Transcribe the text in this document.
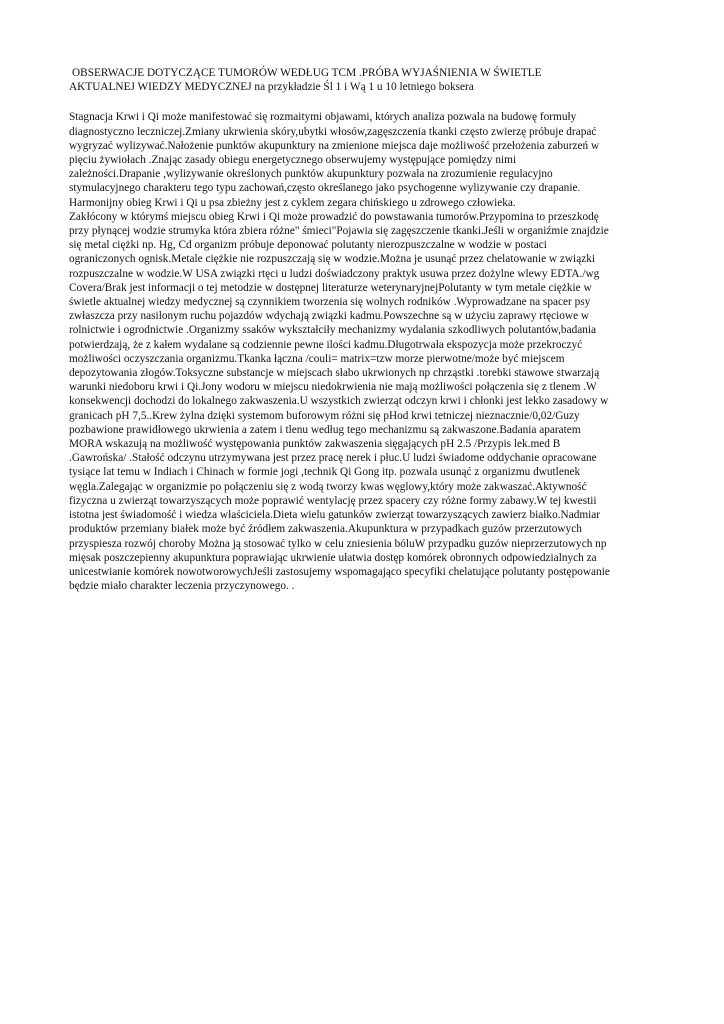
OBSERWACJE DOTYCZĄCE TUMORÓW WEDŁUG TCM .PRÓBA WYJAŚNIENIA W ŚWIETLE
AKTUALNEJ WIEDZY MEDYCZNEJ na przykładzie Śl 1 i Wą 1 u 10 letniego boksera
Stagnacja Krwi i Qi może manifestować się rozmaitymi objawami, których analiza pozwala na budowę formuły
diagnostyczno leczniczej.Zmiany ukrwienia skóry,ubytki włosów,zagęszczenia tkanki często zwierzę próbuje drapać
wygryzać wylizywać.Nałożenie punktów akupunktury na zmienione miejsca daje możliwość przełożenia zaburzeń w
pięciu żywiołach .Znając zasady obiegu energetycznego obserwujemy występujące pomiędzy nimi
zależności.Drapanie ,wylizywanie określonych punktów akupunktury pozwala na zrozumienie regulacyjno
stymulacyjnego charakteru tego typu zachowań,często określanego jako psychogenne wylizywanie czy drapanie.
Harmonijny obieg Krwi i Qi u psa zbieżny jest z cyklem zegara chińskiego u zdrowego człowieka.
Zakłócony w którymś miejscu obieg Krwi i Qi może prowadzić do powstawania tumorów.Przypomina to przeszkodę
przy płynącej wodzie strumyka która zbiera różne" śmieci"Pojawia się zagęszczenie tkanki.Jeśli w organiźmie znajdzie
się metal ciężki np. Hg, Cd organizm próbuje deponować polutanty nierozpuszczalne w wodzie w postaci
ograniczonych ognisk.Metale ciężkie nie rozpuszczają się w wodzie.Można je usunąć przez chelatowanie w związki
rozpuszczalne w wodzie.W USA związki rtęci u ludzi doświadczony praktyk usuwa przez dożylne wlewy EDTA./wg
Covera/Brak jest informacji o tej metodzie w dostępnej literaturze weterynaryjnejPolutanty w tym metale ciężkie w
świetle aktualnej wiedzy medycznej są czynnikiem tworzenia się wolnych rodników .Wyprowadzane na spacer psy
zwłaszcza przy nasilonym ruchu pojazdów wdychają związki kadmu.Powszechne są w użyciu zaprawy rtęciowe w
rolnictwie i ogrodnictwie .Organizmy ssaków wykształciły mechanizmy wydalania szkodliwych polutantów,badania
potwierdzają, że z kałem wydalane są codziennie pewne ilości kadmu.Długotrwała ekspozycja może przekroczyć
możliwości oczyszczania organizmu.Tkanka łączna /couli= matrix=tzw morze pierwotne/może być miejscem
depozytowania złogów.Toksyczne substancje w miejscach słabo ukrwionych np chrząstki .torebki stawowe stwarzają
warunki niedoboru krwi i Qi.Jony wodoru w miejscu niedokrwienia nie mają możliwości połączenia się z tlenem .W
konsekwencji dochodzi do lokalnego zakwaszenia.U wszystkich zwierząt odczyn krwi i chłonki jest lekko zasadowy w
granicach pH 7,5..Krew żylna dzięki systemom buforowym różni się pHod krwi tetniczej nieznacznie/0,02/Guzy
pozbawione prawidłowego ukrwienia a zatem i tlenu według tego mechanizmu są zakwaszone.Badania aparatem
MORA wskazują na możliwość występowania punktów zakwaszenia sięgających pH 2.5 /Przypis lek.med B
.Gawrońska/ .Stałość odczynu utrzymywana jest przez pracę nerek i płuc.U ludzi świadome oddychanie opracowane
tysiące lat temu w Indiach i Chinach w formie jogi ,technik Qi Gong itp. pozwala usunąć z organizmu dwutlenek
węgla.Zalegając w organizmie po połączeniu się z wodą tworzy kwas węglowy,który może zakwaszać.Aktywność
fizyczna u zwierząt towarzyszących może poprawić wentylację przez spacery czy różne formy zabawy.W tej kwestii
istotna jest świadomość i wiedza właściciela.Dieta wielu gatunków zwierząt towarzyszących zawierz białko.Nadmiar
produktów przemiany białek może być źródłem zakwaszenia.Akupunktura w przypadkach guzów przerzutowych
przyspiesza rozwój choroby Można ją stosować tylko w celu zniesienia bóluW przypadku guzów nieprzerzutowych np
mięsak poszczepienny akupunktura poprawiając ukrwienie ułatwia dostęp komórek obronnych odpowiedzialnych za
unicestwianie komórek nowotworowychJeśli zastosujemy wspomagająco specyfiki chelatujące polutanty postępowanie
będzie miało charakter leczenia przyczynowego. .
